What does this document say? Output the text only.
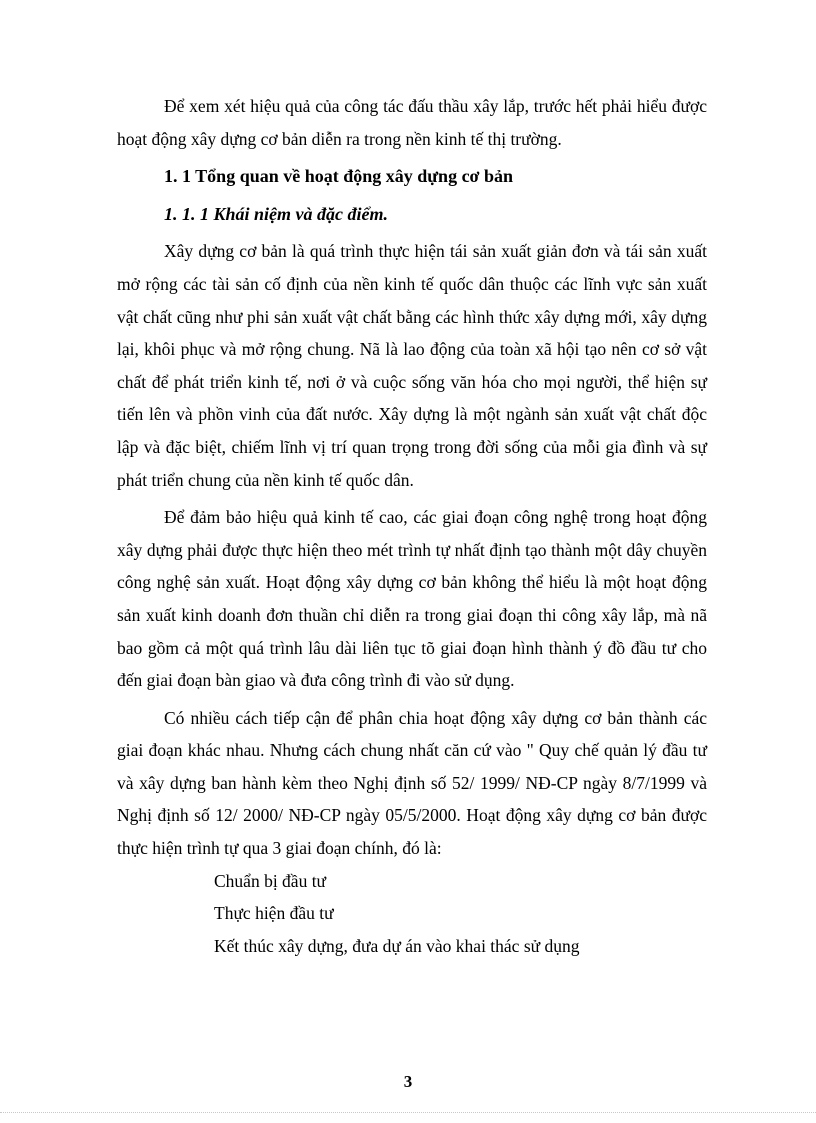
Để xem xét hiệu quả của công tác đấu thầu xây lắp, trước hết phải hiểu được hoạt động xây dựng cơ bản diễn ra trong nền kinh tế thị trường.

1. 1 Tổng quan về hoạt động xây dựng cơ bản

1. 1. 1 Khái niệm và đặc điểm.

Xây dựng cơ bản là quá trình thực hiện tái sản xuất giản đơn và tái sản xuất mở rộng các tài sản cố định của nền kinh tế quốc dân thuộc các lĩnh vực sản xuất vật chất cũng như phi sản xuất vật chất bằng các hình thức xây dựng mới, xây dựng lại, khôi phục và mở rộng chung. Nã là lao động của toàn xã hội tạo nên cơ sở vật chất để phát triển kinh tế, nơi ở và cuộc sống văn hóa cho mọi người, thể hiện sự tiến lên và phồn vinh của đất nước. Xây dựng là một ngành sản xuất vật chất độc lập và đặc biệt, chiếm lĩnh vị trí quan trọng trong đời sống của mỗi gia đình và sự phát triển chung của nền kinh tế quốc dân.

Để đảm bảo hiệu quả kinh tế cao, các giai đoạn công nghệ trong hoạt động xây dựng phải được thực hiện theo mét trình tự nhất định tạo thành một dây chuyền công nghệ sản xuất. Hoạt động xây dựng cơ bản không thể hiểu là một hoạt động sản xuất kinh doanh đơn thuần chỉ diễn ra trong giai đoạn thi công xây lắp, mà nã bao gồm cả một quá trình lâu dài liên tục tõ giai đoạn hình thành ý đồ đầu tư cho đến giai đoạn bàn giao và đưa công trình đi vào sử dụng.

Có nhiều cách tiếp cận để phân chia hoạt động xây dựng cơ bản thành các giai đoạn khác nhau. Nhưng cách chung nhất căn cứ vào " Quy chế quản lý đầu tư và xây dựng ban hành kèm theo Nghị định số 52/ 1999/ NĐ-CP ngày 8/7/1999 và Nghị định số 12/ 2000/ NĐ-CP ngày 05/5/2000. Hoạt động xây dựng cơ bản được thực hiện trình tự qua 3 giai đoạn chính, đó là:

Chuẩn bị đầu tư
Thực hiện đầu tư
Kết thúc xây dựng, đưa dự án vào khai thác sử dụng
3
